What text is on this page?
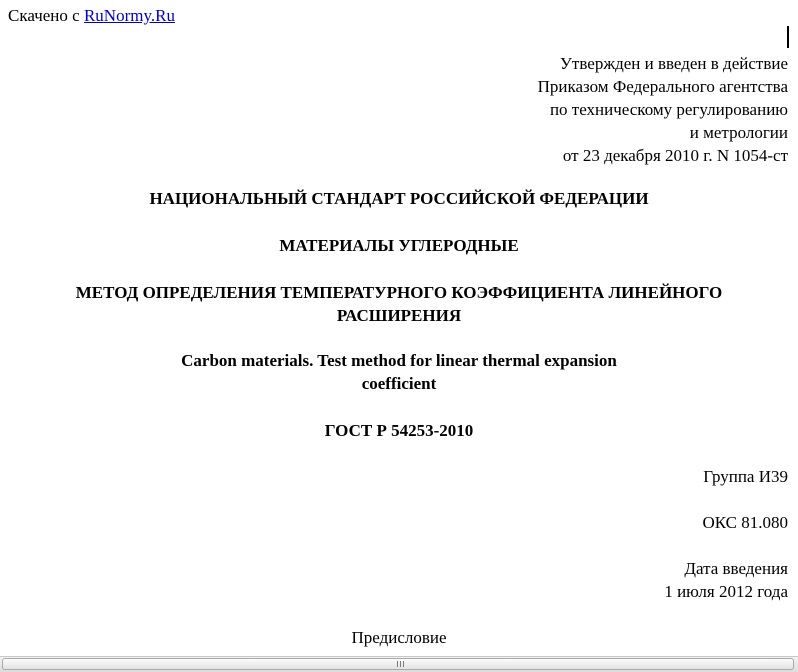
Скачено с RuNormy.Ru
Утвержден и введен в действие
Приказом Федерального агентства
по техническому регулированию
и метрологии
от 23 декабря 2010 г. N 1054-ст
НАЦИОНАЛЬНЫЙ СТАНДАРТ РОССИЙСКОЙ ФЕДЕРАЦИИ
МАТЕРИАЛЫ УГЛЕРОДНЫЕ
МЕТОД ОПРЕДЕЛЕНИЯ ТЕМПЕРАТУРНОГО КОЭФФИЦИЕНТА ЛИНЕЙНОГО
РАСШИРЕНИЯ
Carbon materials. Test method for linear thermal expansion
coefficient
ГОСТ Р 54253-2010
Группа И39
ОКС 81.080
Дата введения
1 июля 2012 года
Предисловие
